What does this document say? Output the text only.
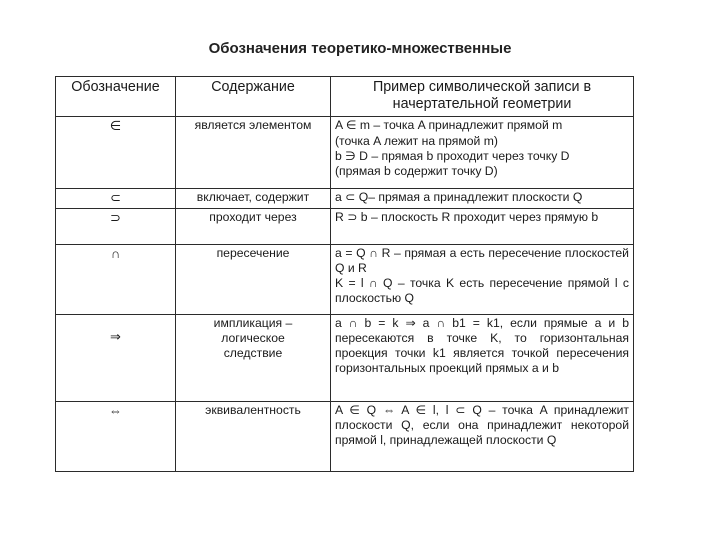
Обозначения теоретико-множественные
Обозначение	Содержание	Пример символической записи в начертательной геометрии
∈	является элементом	A ∈ m – точка A принадлежит прямой m
(точка A лежит на прямой m)
b ∋ D – прямая b проходит через точку D
(прямая b содержит точку D)

⊂	включает, содержит	a ⊂ Q– прямая a принадлежит плоскости Q

⊃	проходит через	R ⊃ b – плоскость R проходит через прямую b

∩	пересечение	a = Q ∩ R – прямая a есть пересечение плоскостей Q и R
K = l ∩ Q – точка K есть пересечение прямой l с плоскостью Q

⇒	импликация –
логическое
следствие	a ∩ b = k ⇒ a ∩ b1 = k1, если прямые a и b пересекаются в точке K, то горизонтальная проекция точки k1 является точкой пересечения горизонтальных проекций прямых a и b

⇔	эквивалентность	A ∈ Q ⇔ A ∈ l, l ⊂ Q – точка A принадлежит плоскости Q, если она принадлежит некоторой прямой l, принадлежащей плоскости Q
